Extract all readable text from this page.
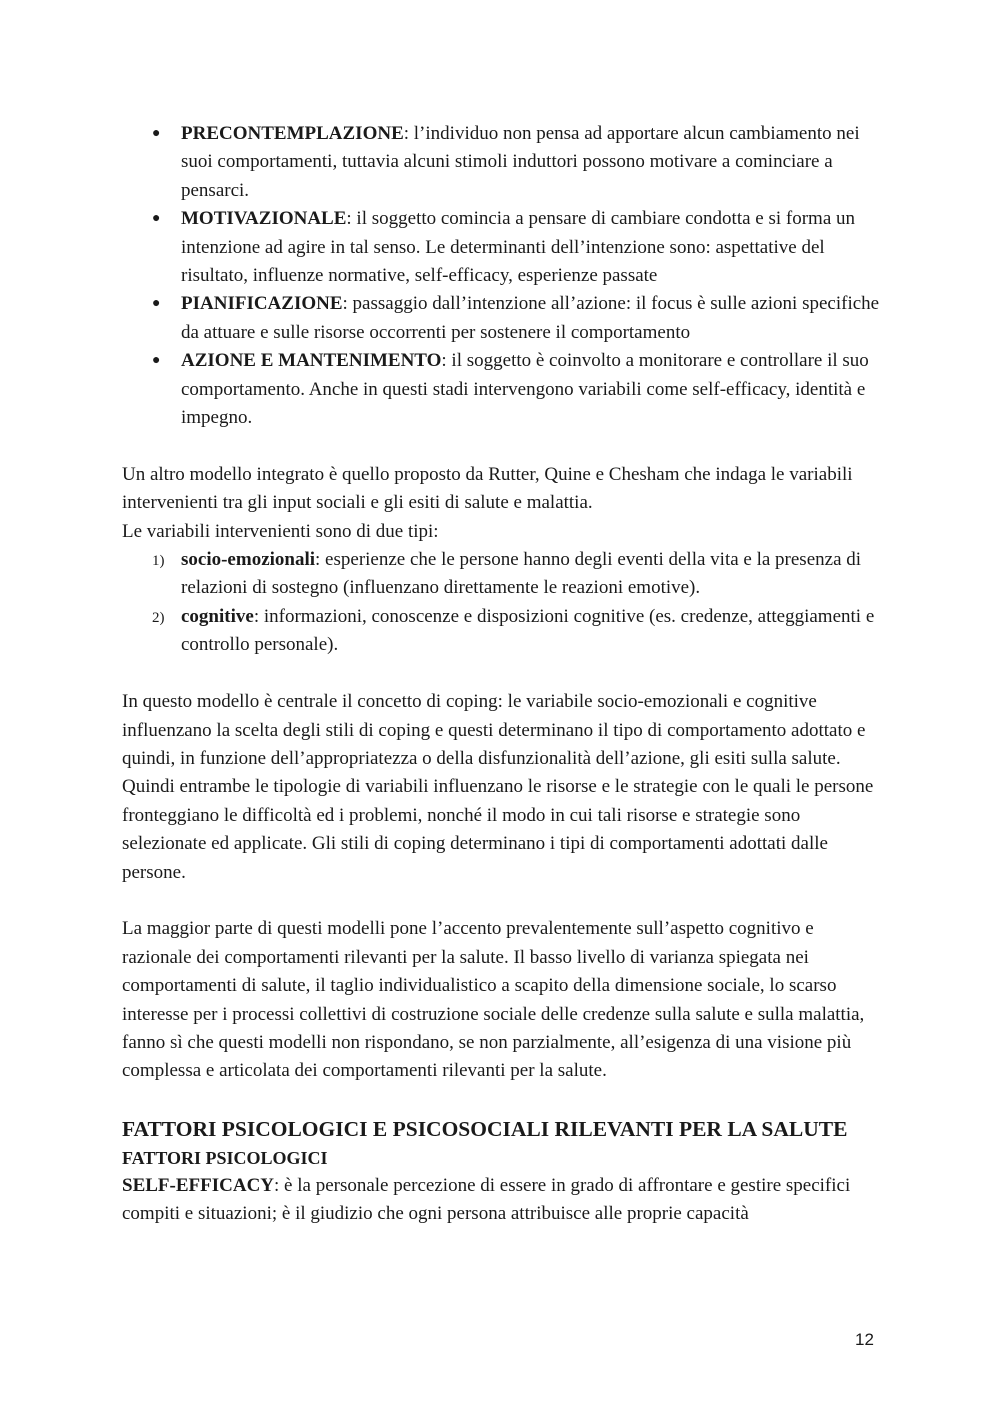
● PRECONTEMPLAZIONE: l’individuo non pensa ad apportare alcun cambiamento nei suoi comportamenti, tuttavia alcuni stimoli induttori possono motivare a cominciare a pensarci.
● MOTIVAZIONALE: il soggetto comincia a pensare di cambiare condotta e si forma un intenzione ad agire in tal senso. Le determinanti dell’intenzione sono: aspettative del risultato, influenze normative, self-efficacy, esperienze passate
● PIANIFICAZIONE: passaggio dall’intenzione all’azione: il focus è sulle azioni specifiche da attuare e sulle risorse occorrenti per sostenere il comportamento
● AZIONE E MANTENIMENTO: il soggetto è coinvolto a monitorare e controllare il suo comportamento. Anche in questi stadi intervengono variabili come self-efficacy, identità e impegno.

Un altro modello integrato è quello proposto da Rutter, Quine e Chesham che indaga le variabili intervenienti tra gli input sociali e gli esiti di salute e malattia.

Le variabili intervenienti sono di due tipi:

1) socio-emozionali: esperienze che le persone hanno degli eventi della vita e la presenza di relazioni di sostegno (influenzano direttamente le reazioni emotive).
2) cognitive: informazioni, conoscenze e disposizioni cognitive (es. credenze, atteggiamenti e controllo personale).

In questo modello è centrale il concetto di coping: le variabile socio-emozionali e cognitive influenzano la scelta degli stili di coping e questi determinano il tipo di comportamento adottato e quindi, in funzione dell’appropriatezza o della disfunzionalità dell’azione, gli esiti sulla salute.

Quindi entrambe le tipologie di variabili influenzano le risorse e le strategie con le quali le persone fronteggiano le difficoltà ed i problemi, nonché il modo in cui tali risorse e strategie sono selezionate ed applicate. Gli stili di coping determinano i tipi di comportamenti adottati dalle persone.

La maggior parte di questi modelli pone l’accento prevalentemente sull’aspetto cognitivo e razionale dei comportamenti rilevanti per la salute. Il basso livello di varianza spiegata nei comportamenti di salute, il taglio individualistico a scapito della dimensione sociale, lo scarso interesse per i processi collettivi di costruzione sociale delle credenze sulla salute e sulla malattia, fanno sì che questi modelli non rispondano, se non parzialmente, all’esigenza di una visione più complessa e articolata dei comportamenti rilevanti per la salute.

FATTORI PSICOLOGICI E PSICOSOCIALI RILEVANTI PER LA SALUTE
FATTORI PSICOLOGICI

SELF-EFFICACY: è la personale percezione di essere in grado di affrontare e gestire specifici compiti e situazioni; è il giudizio che ogni persona attribuisce alle proprie capacità

12
